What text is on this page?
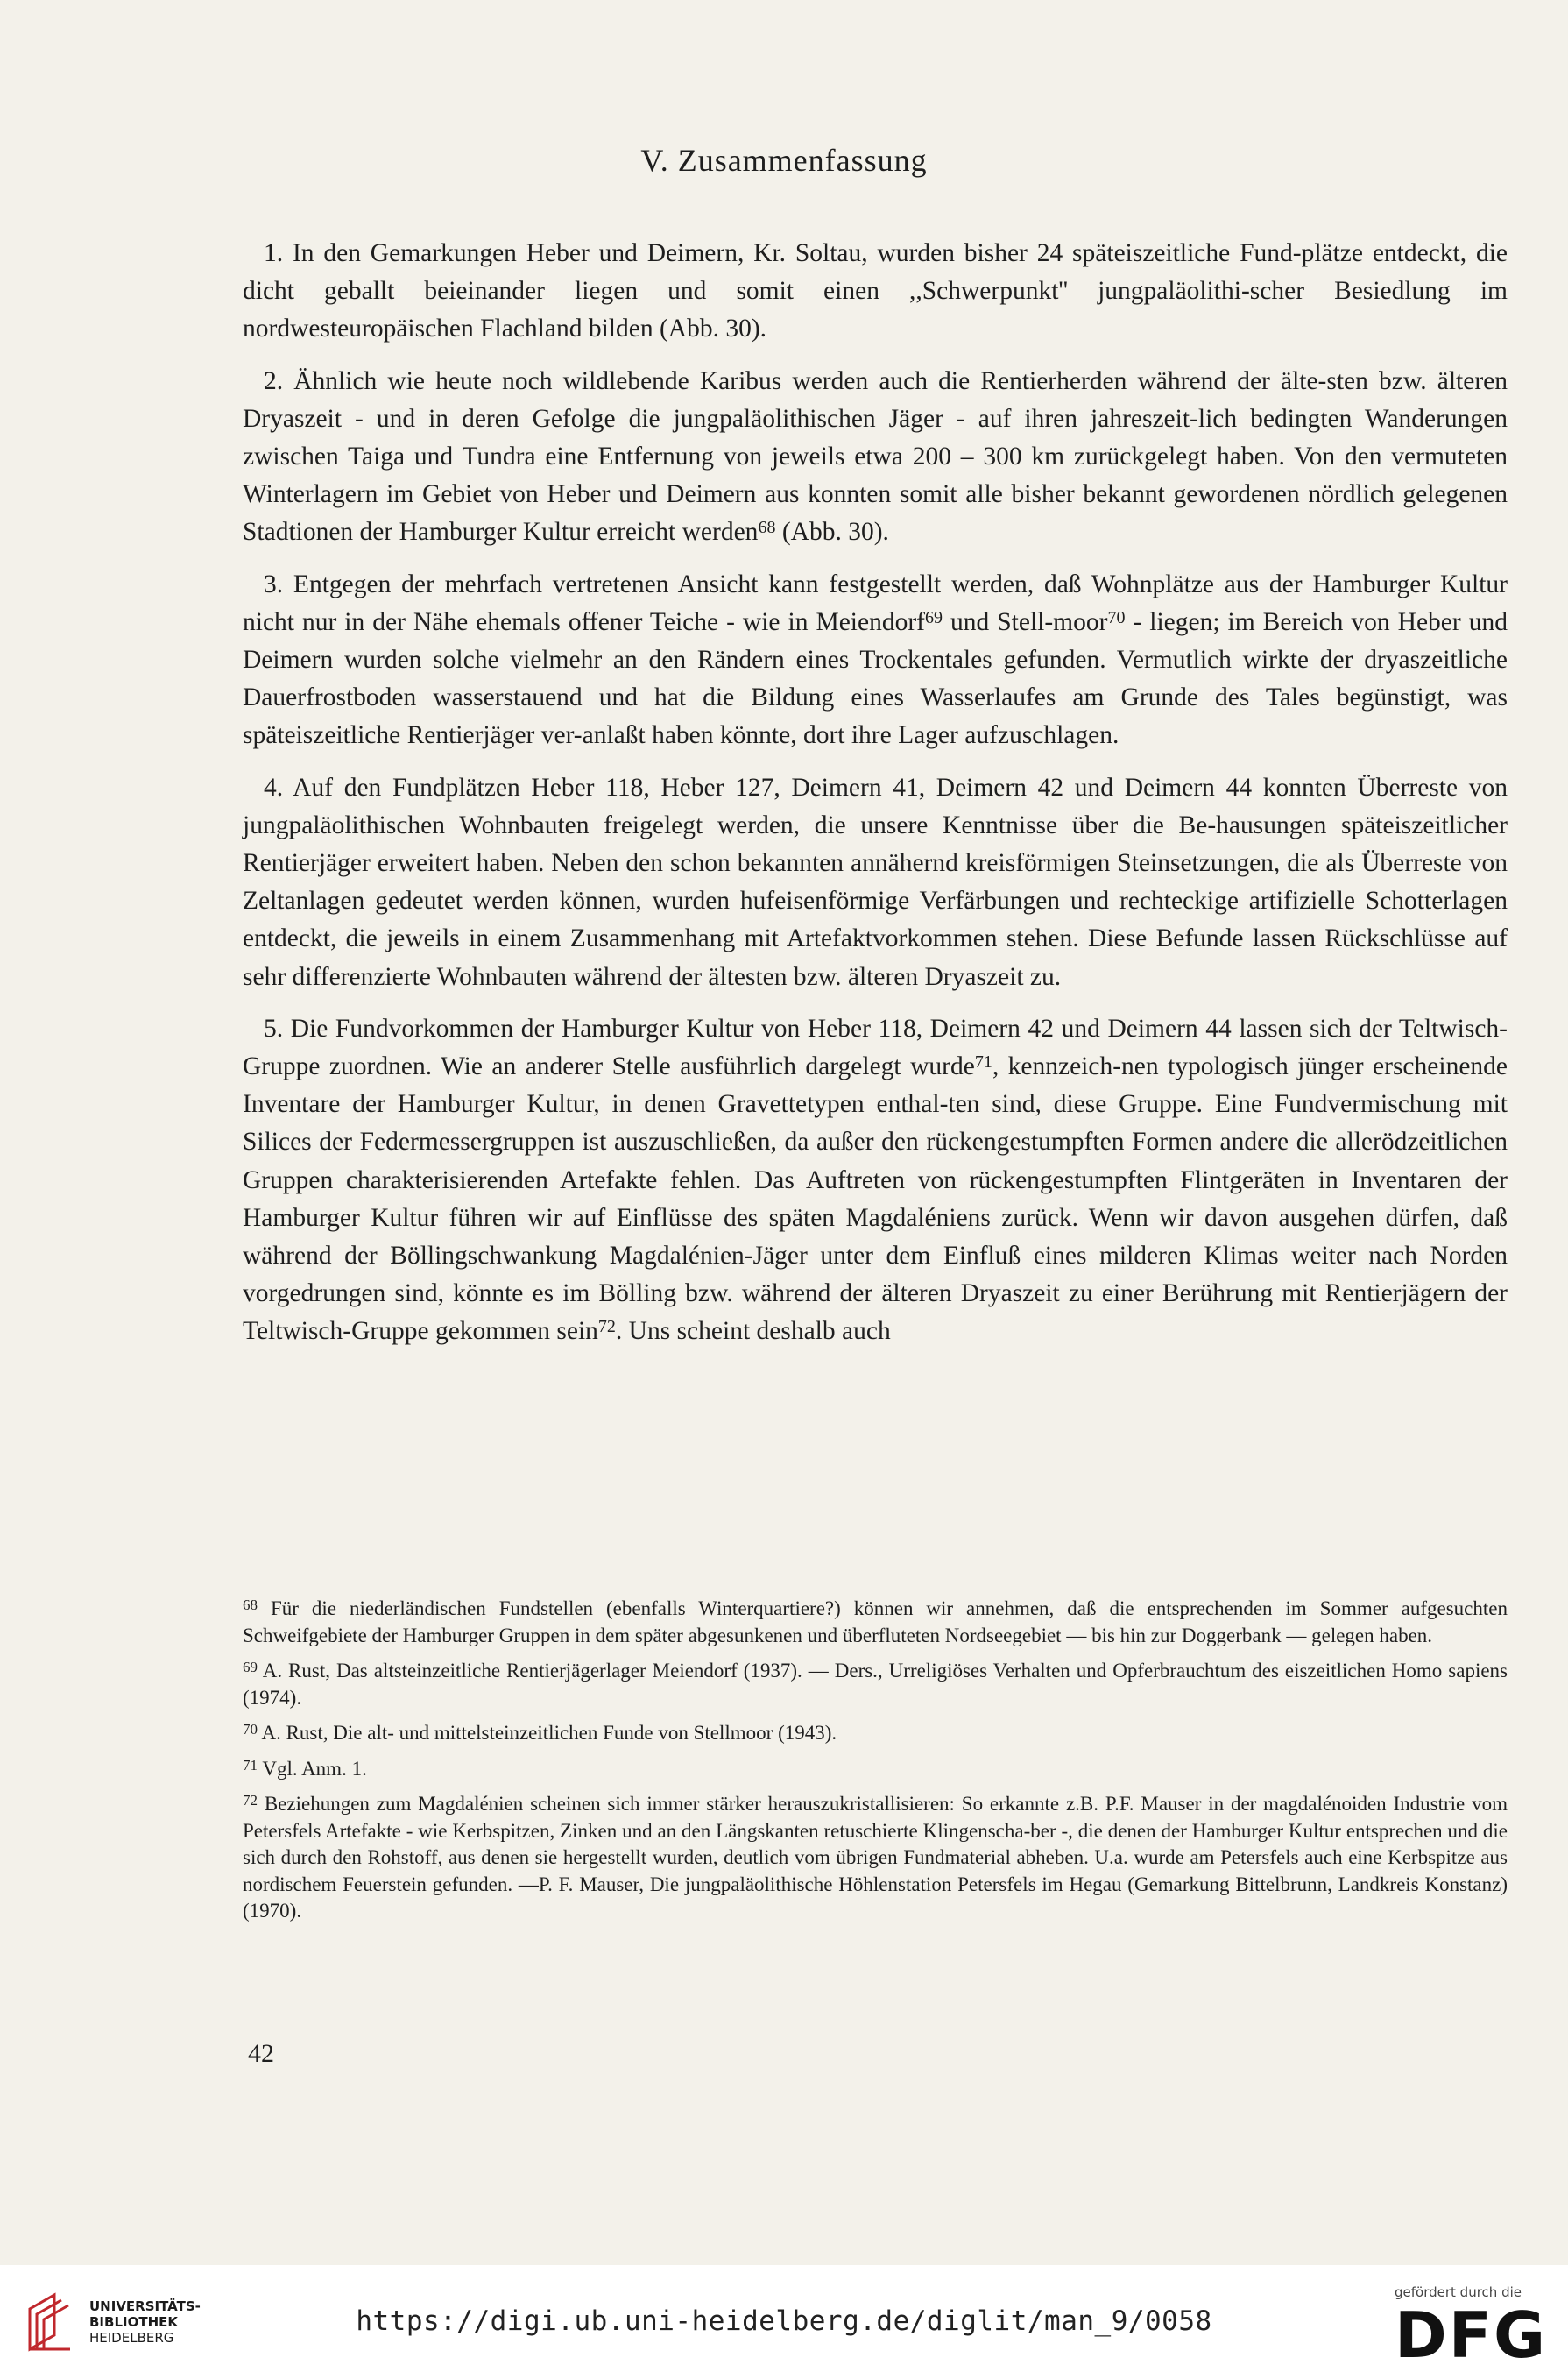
V. Zusammenfassung

1. In den Gemarkungen Heber und Deimern, Kr. Soltau, wurden bisher 24 späteiszeitliche Fund-plätze entdeckt, die dicht geballt beieinander liegen und somit einen ,,Schwerpunkt'' jungpaläolithi-scher Besiedlung im nordwesteuropäischen Flachland bilden (Abb. 30).

2. Ähnlich wie heute noch wildlebende Karibus werden auch die Rentierherden während der älte-sten bzw. älteren Dryaszeit - und in deren Gefolge die jungpaläolithischen Jäger - auf ihren jahreszeit-lich bedingten Wanderungen zwischen Taiga und Tundra eine Entfernung von jeweils etwa 200 – 300 km zurückgelegt haben. Von den vermuteten Winterlagern im Gebiet von Heber und Deimern aus konnten somit alle bisher bekannt gewordenen nördlich gelegenen Stadtionen der Hamburger Kultur erreicht werden$^{68}$ (Abb. 30).

3. Entgegen der mehrfach vertretenen Ansicht kann festgestellt werden, daß Wohnplätze aus der Hamburger Kultur nicht nur in der Nähe ehemals offener Teiche - wie in Meiendorf$^{69}$ und Stell-moor$^{70}$ - liegen; im Bereich von Heber und Deimern wurden solche vielmehr an den Rändern eines Trockentales gefunden. Vermutlich wirkte der dryaszeitliche Dauerfrostboden wasserstauend und hat die Bildung eines Wasserlaufes am Grunde des Tales begünstigt, was späteiszeitliche Rentierjäger ver-anlaßt haben könnte, dort ihre Lager aufzuschlagen.

4. Auf den Fundplätzen Heber 118, Heber 127, Deimern 41, Deimern 42 und Deimern 44 konnten Überreste von jungpaläolithischen Wohnbauten freigelegt werden, die unsere Kenntnisse über die Be-hausungen späteiszeitlicher Rentierjäger erweitert haben. Neben den schon bekannten annähernd kreisförmigen Steinsetzungen, die als Überreste von Zeltanlagen gedeutet werden können, wurden hufeisenförmige Verfärbungen und rechteckige artifizielle Schotterlagen entdeckt, die jeweils in einem Zusammenhang mit Artefaktvorkommen stehen. Diese Befunde lassen Rückschlüsse auf sehr differenzierte Wohnbauten während der ältesten bzw. älteren Dryaszeit zu.

5. Die Fundvorkommen der Hamburger Kultur von Heber 118, Deimern 42 und Deimern 44 lassen sich der Teltwisch-Gruppe zuordnen. Wie an anderer Stelle ausführlich dargelegt wurde$^{71}$, kennzeich-nen typologisch jünger erscheinende Inventare der Hamburger Kultur, in denen Gravettetypen enthal-ten sind, diese Gruppe. Eine Fundvermischung mit Silices der Federmessergruppen ist auszuschließen, da außer den rückengestumpften Formen andere die allerödzeitlichen Gruppen charakterisierenden Artefakte fehlen. Das Auftreten von rückengestumpften Flintgeräten in Inventaren der Hamburger Kultur führen wir auf Einflüsse des späten Magdaléniens zurück. Wenn wir davon ausgehen dürfen, daß während der Böllingschwankung Magdalénien-Jäger unter dem Einfluß eines milderen Klimas weiter nach Norden vorgedrungen sind, könnte es im Bölling bzw. während der älteren Dryaszeit zu einer Berührung mit Rentierjägern der Teltwisch-Gruppe gekommen sein$^{72}$. Uns scheint deshalb auch

$^{68}$ Für die niederländischen Fundstellen (ebenfalls Winterquartiere?) können wir annehmen, daß die entsprechenden im Sommer aufgesuchten Schweifgebiete der Hamburger Gruppen in dem später abgesunkenen und überfluteten Nordseegebiet — bis hin zur Doggerbank — gelegen haben.

$^{69}$ A. Rust, Das altsteinzeitliche Rentierjägerlager Meiendorf (1937). — Ders., Urreligiöses Verhalten und Opferbrauchtum des eiszeitlichen Homo sapiens (1974).

$^{70}$ A. Rust, Die alt- und mittelsteinzeitlichen Funde von Stellmoor (1943).

$^{71}$ Vgl. Anm. 1.

$^{72}$ Beziehungen zum Magdalénien scheinen sich immer stärker herauszukristallisieren: So erkannte z.B. P.F. Mauser in der magdalénoiden Industrie vom Petersfels Artefakte - wie Kerbspitzen, Zinken und an den Längskanten retuschierte Klingenscha-ber -, die denen der Hamburger Kultur entsprechen und die sich durch den Rohstoff, aus denen sie hergestellt wurden, deutlich vom übrigen Fundmaterial abheben. U.a. wurde am Petersfels auch eine Kerbspitze aus nordischem Feuerstein gefunden. —P. F. Mauser, Die jungpaläolithische Höhlenstation Petersfels im Hegau (Gemarkung Bittelbrunn, Landkreis Konstanz)(1970).

42
UNIVERSITÄTS-
BIBLIOTHEK
HEIDELBERG
https://digi.ub.uni-heidelberg.de/diglit/man_9/0058
gefördert durch die
DFG
